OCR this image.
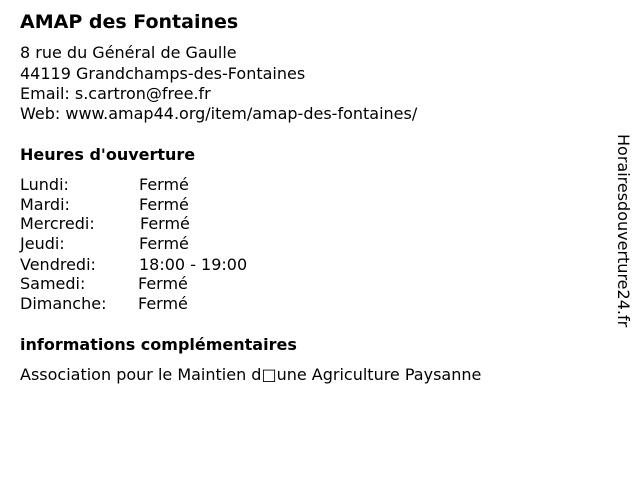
AMAP des Fontaines
8 rue du Général de Gaulle
44119 Grandchamps-des-Fontaines
Email: s.cartron@free.fr
Web: www.amap44.org/item/amap-des-fontaines/
Heures d'ouverture
Lundi:	Fermé
Mardi:	Fermé
Mercredi:	Fermé
Jeudi:	Fermé
Vendredi:	18:00 - 19:00
Samedi:	Fermé
Dimanche: Fermé
informations complémentaires
Association pour le Maintien d□une Agriculture Paysanne
Horairesdouverture24.fr
